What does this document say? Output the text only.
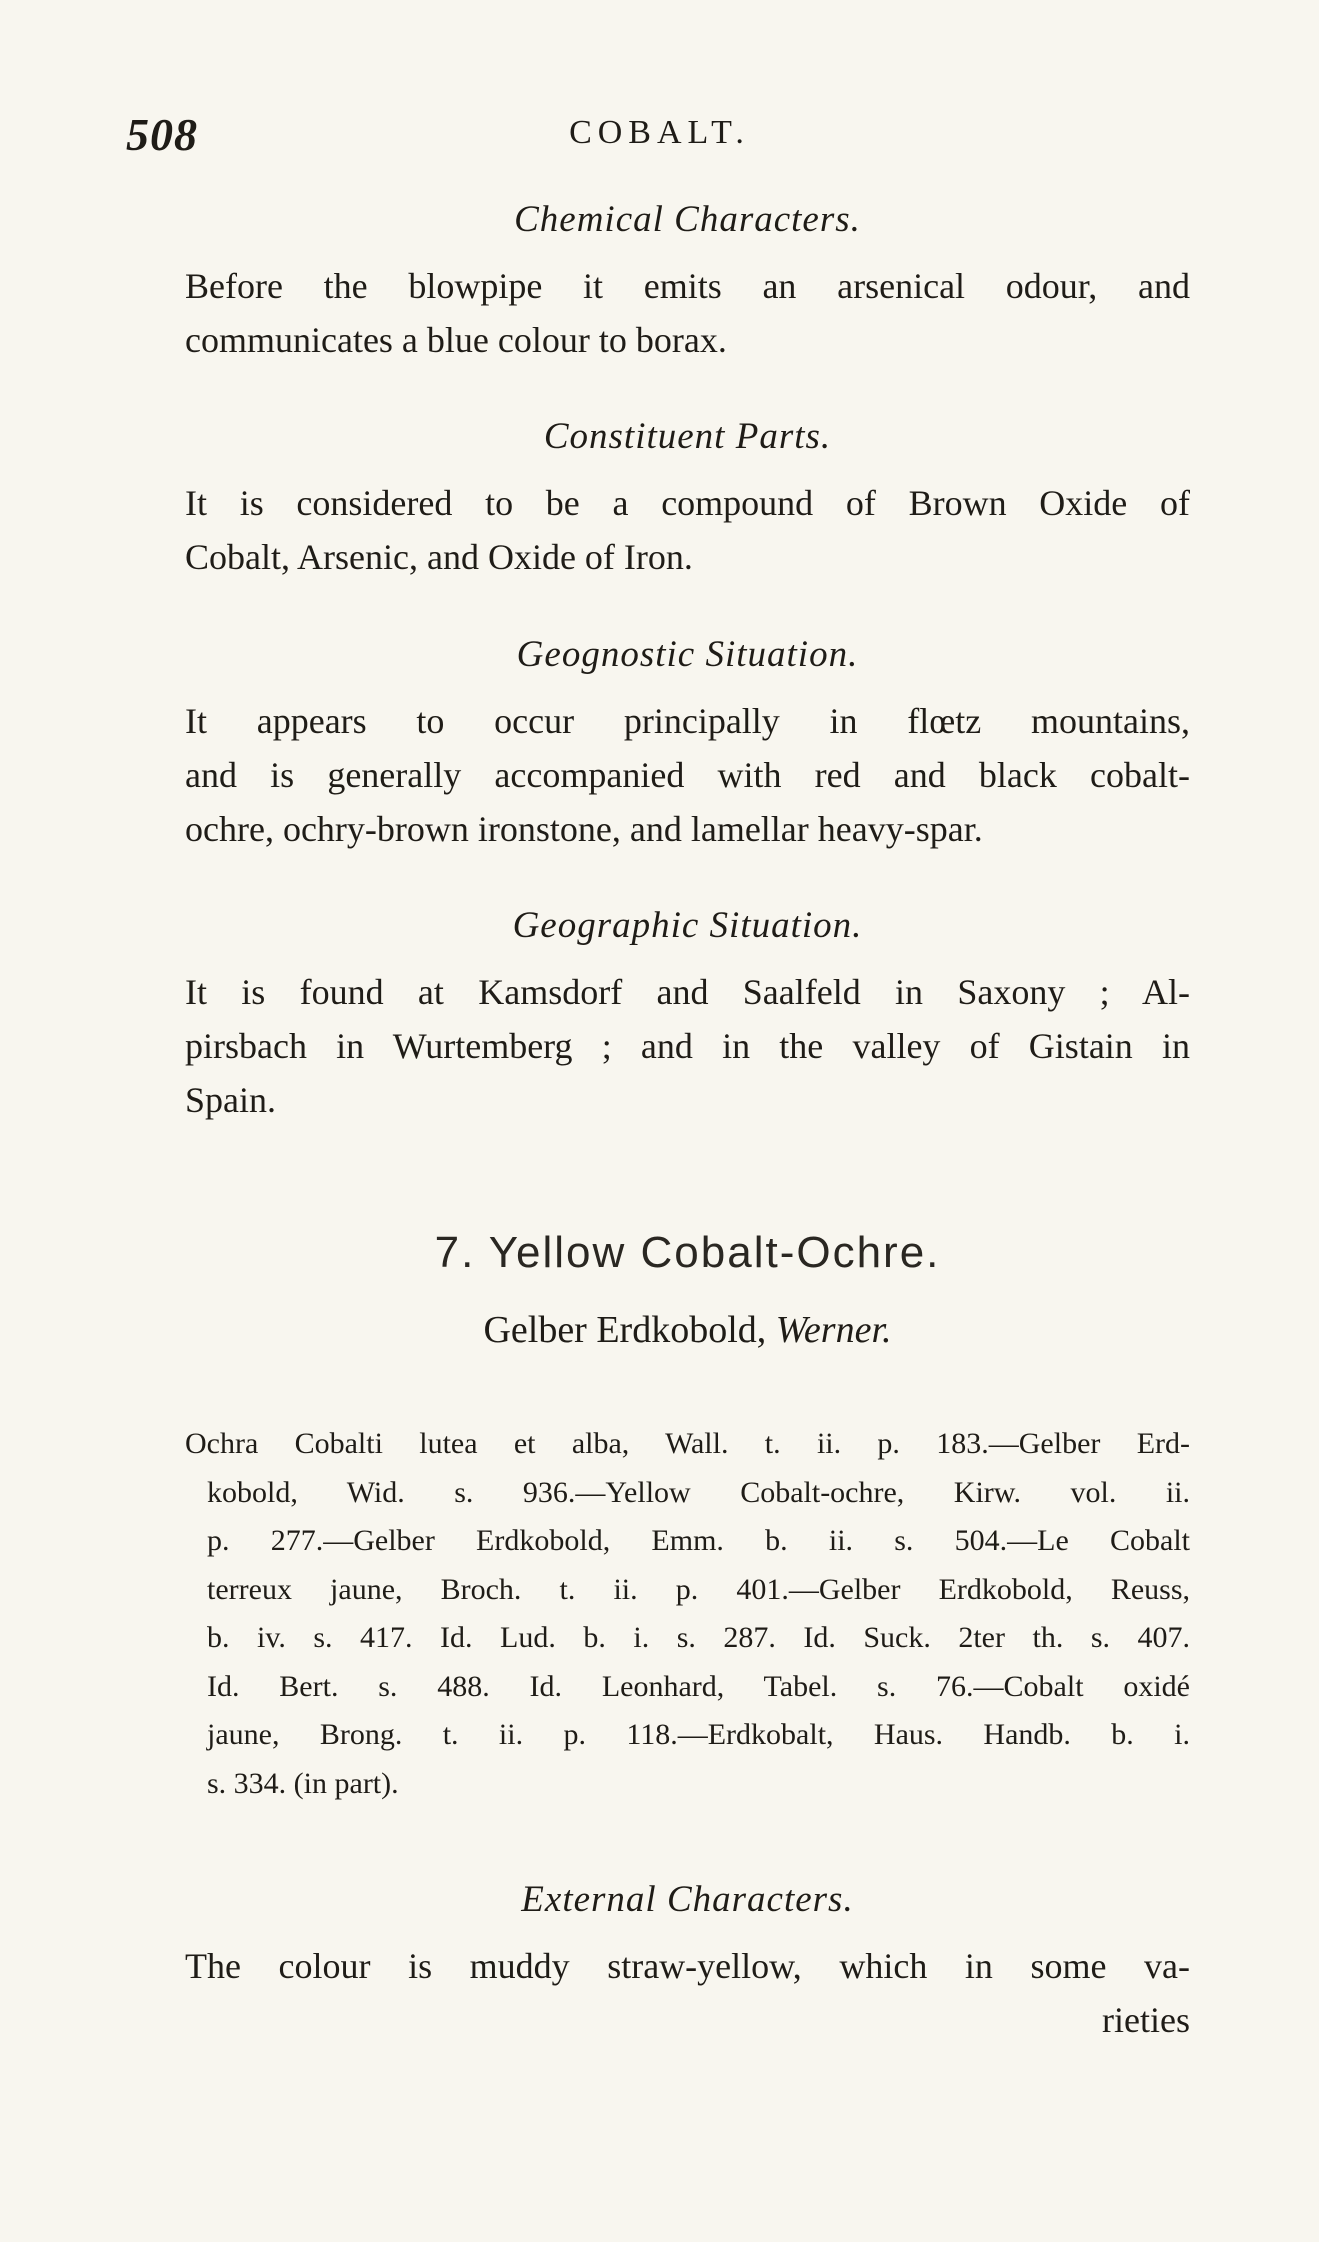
508	COBALT.
Chemical Characters.
Before the blowpipe it emits an arsenical odour, and
communicates a blue colour to borax.
Constituent Parts.
It is considered to be a compound of Brown Oxide of
Cobalt, Arsenic, and Oxide of Iron.
Geognostic Situation.
It appears to occur principally in flœtz mountains,
and is generally accompanied with red and black cobalt-
ochre, ochry-brown ironstone, and lamellar heavy-spar.
Geographic Situation.
It is found at Kamsdorf and Saalfeld in Saxony ; Al-
pirsbach in Wurtemberg ; and in the valley of Gistain in
Spain.
7. Yellow Cobalt-Ochre.
Gelber Erdkobold, Werner.
Ochra Cobalti lutea et alba, Wall. t. ii. p. 183.—Gelber Erd-
kobold, Wid. s. 936.—Yellow Cobalt-ochre, Kirw. vol. ii.
p. 277.—Gelber Erdkobold, Emm. b. ii. s. 504.—Le Cobalt
terreux jaune, Broch. t. ii. p. 401.—Gelber Erdkobold, Reuss,
b. iv. s. 417. Id. Lud. b. i. s. 287. Id. Suck. 2ter th. s. 407.
Id. Bert. s. 488. Id. Leonhard, Tabel. s. 76.—Cobalt oxidé
jaune, Brong. t. ii. p. 118.—Erdkobalt, Haus. Handb. b. i.
s. 334. (in part).
External Characters.
The colour is muddy straw-yellow, which in some va-
rieties
